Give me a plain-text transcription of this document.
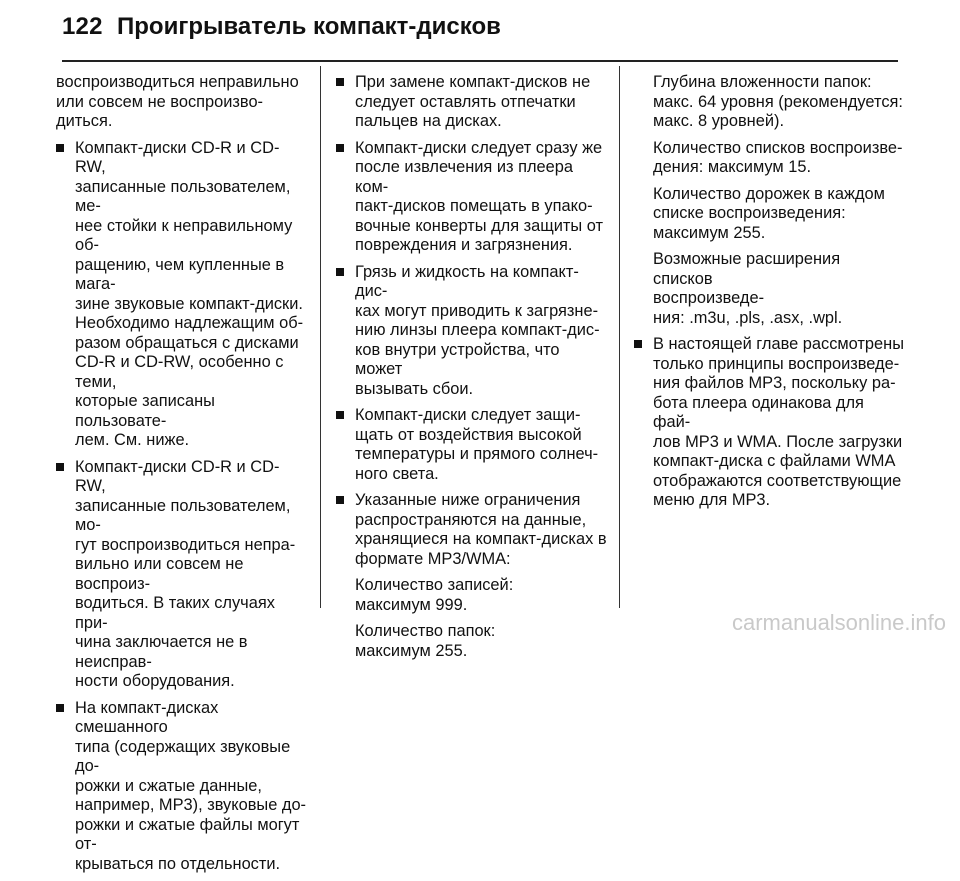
122 Проигрыватель компакт-дисков
воспроизводиться неправильно
или совсем не воспроизво-
диться.
Компакт-диски CD-R и CD-RW,
записанные пользователем, ме-
нее стойки к неправильному об-
ращению, чем купленные в мага-
зине звуковые компакт-диски.
Необходимо надлежащим об-
разом обращаться с дисками
CD-R и CD-RW, особенно с теми,
которые записаны пользовате-
лем. См. ниже.
Компакт-диски CD-R и CD-RW,
записанные пользователем, мо-
гут воспроизводиться непра-
вильно или совсем не воспроиз-
водиться. В таких случаях при-
чина заключается не в неисправ-
ности оборудования.
На компакт-дисках смешанного
типа (содержащих звуковые до-
рожки и сжатые данные,
например, MP3), звуковые до-
рожки и сжатые файлы могут от-
крываться по отдельности.
При замене компакт-дисков не
следует оставлять отпечатки
пальцев на дисках.
Компакт-диски следует сразу же
после извлечения из плеера ком-
пакт-дисков помещать в упако-
вочные конверты для защиты от
повреждения и загрязнения.
Грязь и жидкость на компакт-дис-
ках могут приводить к загрязне-
нию линзы плеера компакт-дис-
ков внутри устройства, что может
вызывать сбои.
Компакт-диски следует защи-
щать от воздействия высокой
температуры и прямого солнеч-
ного света.
Указанные ниже ограничения
распространяются на данные,
хранящиеся на компакт-дисках в
формате MP3/WMA:
Количество записей:
максимум 999.
Количество папок:
максимум 255.
Глубина вложенности папок:
макс. 64 уровня (рекомендуется:
макс. 8 уровней).
Количество списков воспроизве-
дения: максимум 15.
Количество дорожек в каждом
списке воспроизведения:
максимум 255.
Возможные расширения списков
воспроизведе-
ния: .m3u, .pls, .asx, .wpl.
В настоящей главе рассмотрены
только принципы воспроизведе-
ния файлов MP3, поскольку ра-
бота плеера одинакова для фай-
лов MP3 и WMA. После загрузки
компакт-диска с файлами WMA
отображаются соответствующие
меню для MP3.
carmanualsonline.info
